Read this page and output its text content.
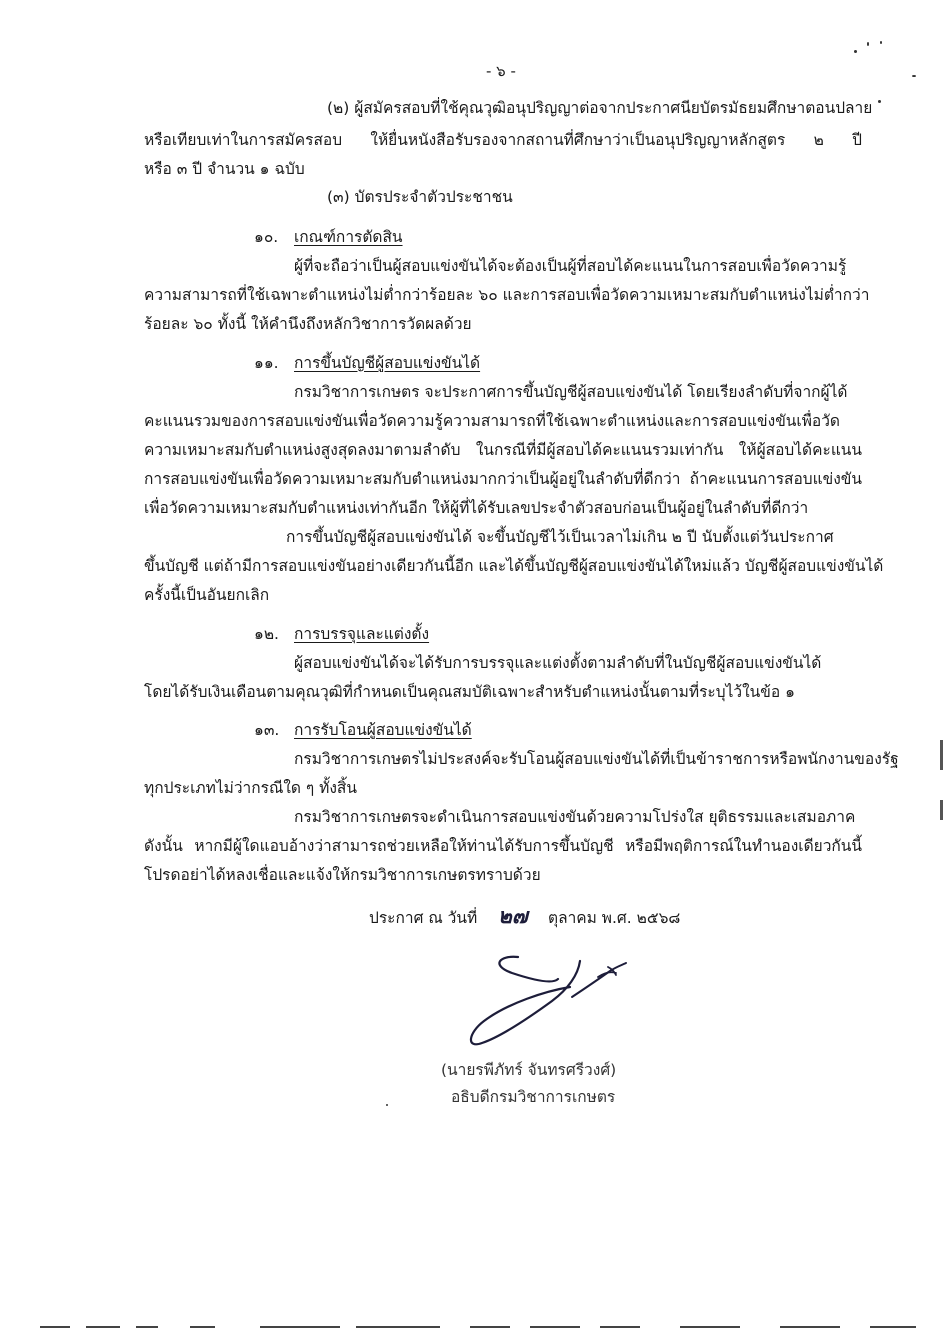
- ๖ -
(๒) ผู้สมัครสอบที่ใช้คุณวุฒิอนุปริญญาต่อจากประกาศนียบัตรมัธยมศึกษาตอนปลาย
หรือเทียบเท่าในการสมัครสอบ ให้ยื่นหนังสือรับรองจากสถานที่ศึกษาว่าเป็นอนุปริญญาหลักสูตร ๒ ปี
หรือ ๓ ปี จำนวน ๑ ฉบับ
(๓) บัตรประจำตัวประชาชน
๑๐. เกณฑ์การตัดสิน
ผู้ที่จะถือว่าเป็นผู้สอบแข่งขันได้จะต้องเป็นผู้ที่สอบได้คะแนนในการสอบเพื่อวัดความรู้
ความสามารถที่ใช้เฉพาะตำแหน่งไม่ต่ำกว่าร้อยละ ๖๐ และการสอบเพื่อวัดความเหมาะสมกับตำแหน่งไม่ต่ำกว่า
ร้อยละ ๖๐ ทั้งนี้ ให้คำนึงถึงหลักวิชาการวัดผลด้วย
๑๑. การขึ้นบัญชีผู้สอบแข่งขันได้
กรมวิชาการเกษตร จะประกาศการขึ้นบัญชีผู้สอบแข่งขันได้ โดยเรียงลำดับที่จากผู้ได้
คะแนนรวมของการสอบแข่งขันเพื่อวัดความรู้ความสามารถที่ใช้เฉพาะตำแหน่งและการสอบแข่งขันเพื่อวัด
ความเหมาะสมกับตำแหน่งสูงสุดลงมาตามลำดับ ในกรณีที่มีผู้สอบได้คะแนนรวมเท่ากัน ให้ผู้สอบได้คะแนน
การสอบแข่งขันเพื่อวัดความเหมาะสมกับตำแหน่งมากกว่าเป็นผู้อยู่ในลำดับที่ดีกว่า ถ้าคะแนนการสอบแข่งขัน
เพื่อวัดความเหมาะสมกับตำแหน่งเท่ากันอีก ให้ผู้ที่ได้รับเลขประจำตัวสอบก่อนเป็นผู้อยู่ในลำดับที่ดีกว่า
การขึ้นบัญชีผู้สอบแข่งขันได้ จะขึ้นบัญชีไว้เป็นเวลาไม่เกิน ๒ ปี นับตั้งแต่วันประกาศ
ขึ้นบัญชี แต่ถ้ามีการสอบแข่งขันอย่างเดียวกันนี้อีก และได้ขึ้นบัญชีผู้สอบแข่งขันได้ใหม่แล้ว บัญชีผู้สอบแข่งขันได้
ครั้งนี้เป็นอันยกเลิก
๑๒. การบรรจุและแต่งตั้ง
ผู้สอบแข่งขันได้จะได้รับการบรรจุและแต่งตั้งตามลำดับที่ในบัญชีผู้สอบแข่งขันได้
โดยได้รับเงินเดือนตามคุณวุฒิที่กำหนดเป็นคุณสมบัติเฉพาะสำหรับตำแหน่งนั้นตามที่ระบุไว้ในข้อ ๑
๑๓. การรับโอนผู้สอบแข่งขันได้
กรมวิชาการเกษตรไม่ประสงค์จะรับโอนผู้สอบแข่งขันได้ที่เป็นข้าราชการหรือพนักงานของรัฐ
ทุกประเภทไม่ว่ากรณีใด ๆ ทั้งสิ้น
กรมวิชาการเกษตรจะดำเนินการสอบแข่งขันด้วยความโปร่งใส ยุติธรรมและเสมอภาค
ดังนั้น หากมีผู้ใดแอบอ้างว่าสามารถช่วยเหลือให้ท่านได้รับการขึ้นบัญชี หรือมีพฤติการณ์ในทำนองเดียวกันนี้
โปรดอย่าได้หลงเชื่อและแจ้งให้กรมวิชาการเกษตรทราบด้วย
ประกาศ ณ วันที่ ๒๗ ตุลาคม พ.ศ. ๒๕๖๘
(นายรพีภัทร์ จันทรศรีวงศ์)
อธิบดีกรมวิชาการเกษตร
